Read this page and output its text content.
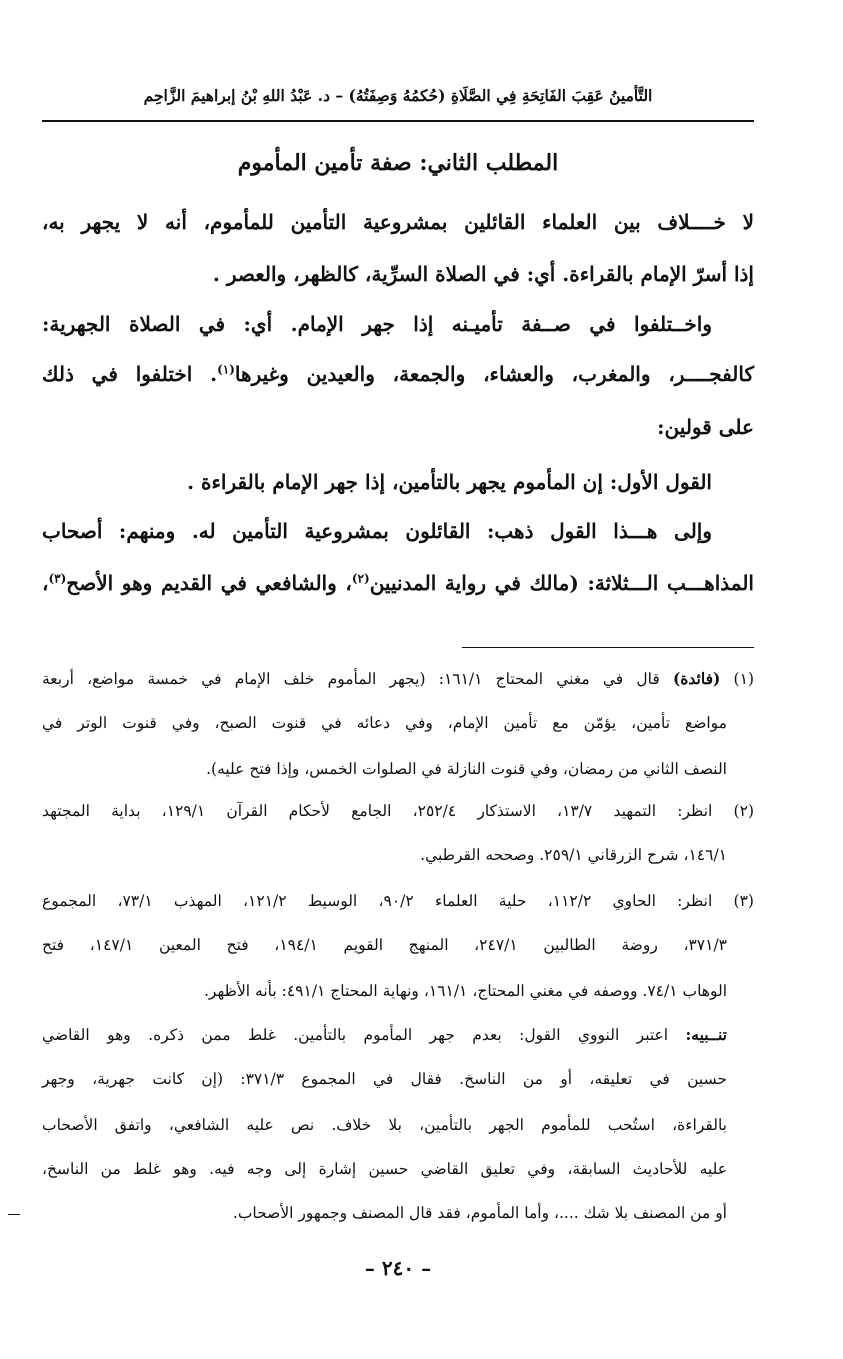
التَّأمينُ عَقِبَ الفَاتِحَةِ فِي الصَّلَاةِ (حُكمُهُ وَصِفَتُهُ) – د. عَبْدُ اللهِ بْنُ إبراهيمَ الزَّاحِم
المطلب الثاني: صفة تأمين المأموم
لا خــــلاف بين العلماء القائلين بمشروعية التأمين للمأموم، أنه لا يجهر به،
إذا أسرّ الإمام بالقراءة. أي: في الصلاة السرِّية، كالظهر، والعصر .
واخــتلفوا في صــفة تأميـنه إذا جهر الإمام. أي: في الصلاة الجهرية:
كالفجــــر، والمغرب، والعشاء، والجمعة، والعيدين وغيرها$^{(١)}$. اختلفوا في ذلك
على قولين:
القول الأول: إن المأموم يجهر بالتأمين، إذا جهر الإمام بالقراءة .
وإلى هـــذا القول ذهب: القائلون بمشروعية التأمين له. ومنهم: أصحاب
المذاهـــب الـــثلاثة: (مالك في رواية المدنيين$^{(٢)}$، والشافعي في القديم وهو الأصح$^{(٣)}$،
(١) (فائدة) قال في مغني المحتاج ١٦١/١: (يجهر المأموم خلف الإمام في خمسة مواضع، أربعة
مواضع تأمين، يؤمّن مع تأمين الإمام، وفي دعائه في قنوت الصبح، وفي قنوت الوتر في
النصف الثاني من رمضان، وفي قنوت النازلة في الصلوات الخمس، وإذا فتح عليه).
(٢) انظر: التمهيد ١٣/٧، الاستذكار ٢٥٢/٤، الجامع لأحكام القرآن ١٢٩/١، بداية المجتهد
١٤٦/١، شرح الزرقاني ٢٥٩/١. وصححه القرطبي.
(٣) انظر: الحاوي ١١٢/٢، حلية العلماء ٩٠/٢، الوسيط ١٢١/٢، المهذب ٧٣/١، المجموع
٣٧١/٣، روضة الطالبين ٢٤٧/١، المنهج القويم ١٩٤/١، فتح المعين ١٤٧/١، فتح
الوهاب ٧٤/١. ووصفه في مغني المحتاج، ١٦١/١، ونهاية المحتاج ٤٩١/١: بأنه الأظهر.
تنــبيه: اعتبر النووي القول: بعدم جهر المأموم بالتأمين. غلط ممن ذكره. وهو القاضي
حسين في تعليقه، أو من الناسخ. فقال في المجموع ٣٧١/٣: (إن كانت جهرية، وجهر
بالقراءة، استُحب للمأموم الجهر بالتأمين، بلا خلاف. نص عليه الشافعي، واتفق الأصحاب
عليه للأحاديث السابقة، وفي تعليق القاضي حسين إشارة إلى وجه فيه. وهو غلط من الناسخ،
أو من المصنف بلا شك ....، وأما المأموم، فقد قال المصنف وجمهور الأصحاب.
– ٢٤٠ –
